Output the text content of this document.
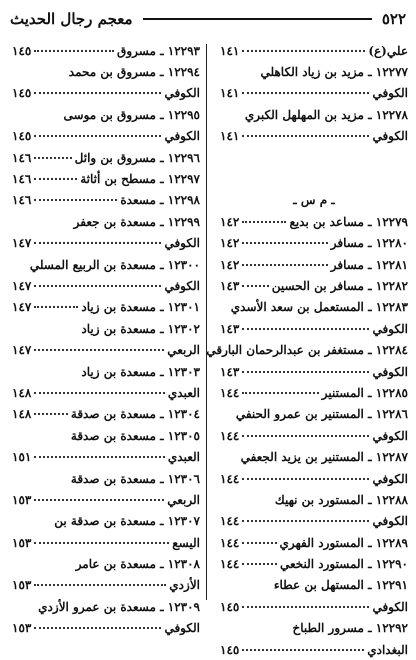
٥٢٢
معجم رجال الحديث
علي(ع)
١٤١
١٢٢٧٧ ـ مزيد بن زياد الكاهلي
الكوفي
١٤١
١٢٢٧٨ ـ مزيد بن المهلهل الكبري
الكوفي
١٤١
ـ م س ـ
١٢٢٧٩ ـ مساعد بن بديع
١٤٢
١٢٢٨٠ ـ مسافر
١٤٢
١٢٢٨١ ـ مسافر
١٤٢
١٢٢٨٢ ـ مسافر بن الحسين
١٤٣
١٢٢٨٣ ـ المستعمل بن سعد الأسدي
الكوفي
١٤٣
١٢٢٨٤ ـ مستغفر بن عبدالرحمان البارقي
الكوفي
١٤٣
١٢٢٨٥ ـ المستنير
١٤٤
١٢٢٨٦ ـ المستنير بن عمرو الحنفي
الكوفي
١٤٤
١٢٢٨٧ ـ المستنير بن يزيد الجعفي
الكوفي
١٤٤
١٢٢٨٨ ـ المستورد بن نهيك
الكوفي
١٤٤
١٢٢٨٩ ـ المستورد الفهري
١٤٤
١٢٢٩٠ ـ المستورد النخعي
١٤٤
١٢٢٩١ ـ المستهل بن عطاء
الكوفي
١٤٥
١٢٢٩٢ ـ مسرور الطباخ
البغدادي
١٤٥
١٢٢٩٣ ـ مسروق
١٤٥
١٢٢٩٤ ـ مسروق بن محمد
الكوفي
١٤٥
١٢٢٩٥ ـ مسروق بن موسى
الكوفي
١٤٥
١٢٢٩٦ ـ مسروق بن وائل
١٤٦
١٢٢٩٧ ـ مسطح بن أثاثة
١٤٦
١٢٢٩٨ ـ مسعدة
١٤٦
١٢٢٩٩ ـ مسعدة بن جعفر
الكوفي
١٤٧
١٢٣٠٠ ـ مسعدة بن الربيع المسلي
الكوفي
١٤٧
١٢٣٠١ ـ مسعدة بن زياد
١٤٧
١٢٣٠٢ ـ مسعدة بن زياد
الربعي
١٤٧
١٢٣٠٣ ـ مسعدة بن زياد
العبدي
١٤٨
١٢٣٠٤ ـ مسعدة بن صدقة
١٤٨
١٢٣٠٥ ـ مسعدة بن صدقة
العبدي
١٥١
١٢٣٠٦ ـ مسعدة بن صدقة
الربعي
١٥٣
١٢٣٠٧ ـ مسعدة بن صدقة بن
اليسع
١٥٣
١٢٣٠٨ ـ مسعدة بن عامر
الأزدي
١٥٣
١٢٣٠٩ ـ مسعدة بن عمرو الأزدي
الكوفي
١٥٣
